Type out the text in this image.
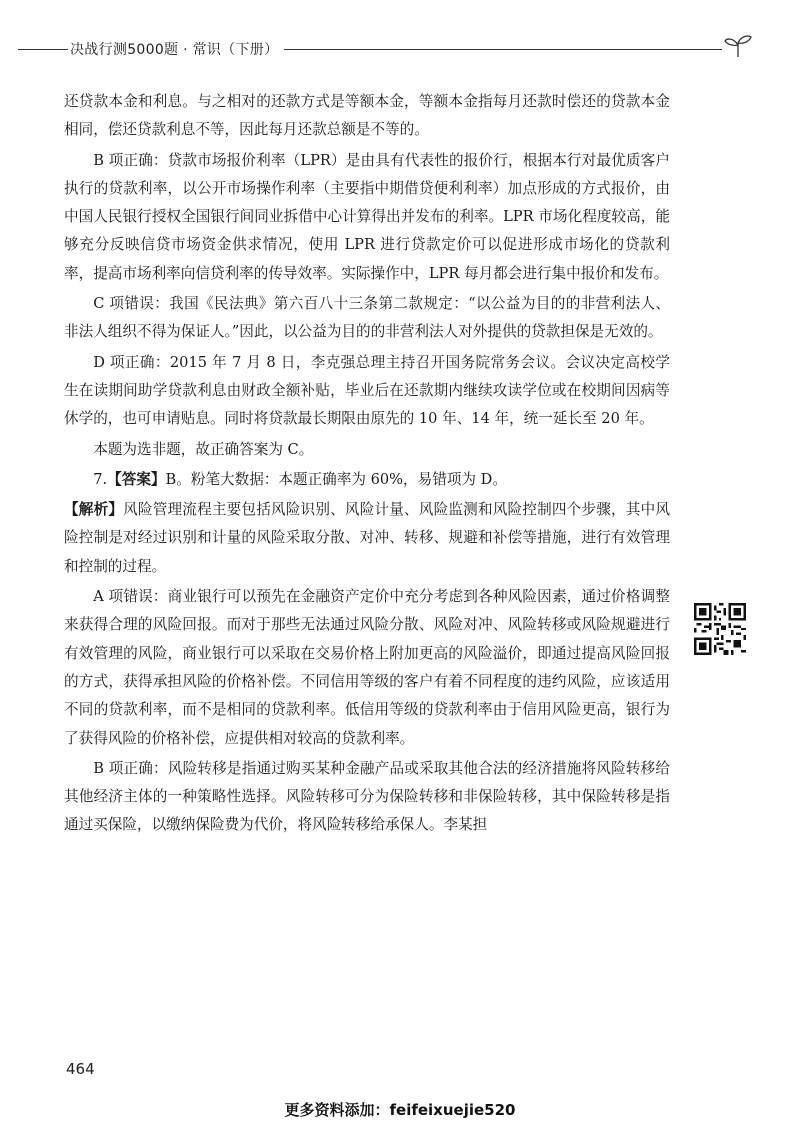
决战行测5000题 · 常识（下册）

还贷款本金和利息。与之相对的还款方式是等额本金，等额本金指每月还款时偿还的贷款本金相同，偿还贷款利息不等，因此每月还款总额是不等的。

B 项正确：贷款市场报价利率（LPR）是由具有代表性的报价行，根据本行对最优质客户执行的贷款利率，以公开市场操作利率（主要指中期借贷便利利率）加点形成的方式报价，由中国人民银行授权全国银行间同业拆借中心计算得出并发布的利率。LPR 市场化程度较高，能够充分反映信贷市场资金供求情况，使用 LPR 进行贷款定价可以促进形成市场化的贷款利率，提高市场利率向信贷利率的传导效率。实际操作中，LPR 每月都会进行集中报价和发布。

C 项错误：我国《民法典》第六百八十三条第二款规定：“以公益为目的的非营利法人、非法人组织不得为保证人。”因此，以公益为目的的非营利法人对外提供的贷款担保是无效的。

D 项正确：2015 年 7 月 8 日，李克强总理主持召开国务院常务会议。会议决定高校学生在读期间助学贷款利息由财政全额补贴，毕业后在还款期内继续攻读学位或在校期间因病等休学的，也可申请贴息。同时将贷款最长期限由原先的 10 年、14 年，统一延长至 20 年。

本题为选非题，故正确答案为 C。

7.【答案】B。粉笔大数据：本题正确率为 60%，易错项为 D。

【解析】风险管理流程主要包括风险识别、风险计量、风险监测和风险控制四个步骤，其中风险控制是对经过识别和计量的风险采取分散、对冲、转移、规避和补偿等措施，进行有效管理和控制的过程。

A 项错误：商业银行可以预先在金融资产定价中充分考虑到各种风险因素，通过价格调整来获得合理的风险回报。而对于那些无法通过风险分散、风险对冲、风险转移或风险规避进行有效管理的风险，商业银行可以采取在交易价格上附加更高的风险溢价，即通过提高风险回报的方式，获得承担风险的价格补偿。不同信用等级的客户有着不同程度的违约风险，应该适用不同的贷款利率，而不是相同的贷款利率。低信用等级的贷款利率由于信用风险更高，银行为了获得风险的价格补偿，应提供相对较高的贷款利率。

B 项正确：风险转移是指通过购买某种金融产品或采取其他合法的经济措施将风险转移给其他经济主体的一种策略性选择。风险转移可分为保险转移和非保险转移，其中保险转移是指通过买保险，以缴纳保险费为代价，将风险转移给承保人。李某担

464
更多资料添加：feifeixuejie520
